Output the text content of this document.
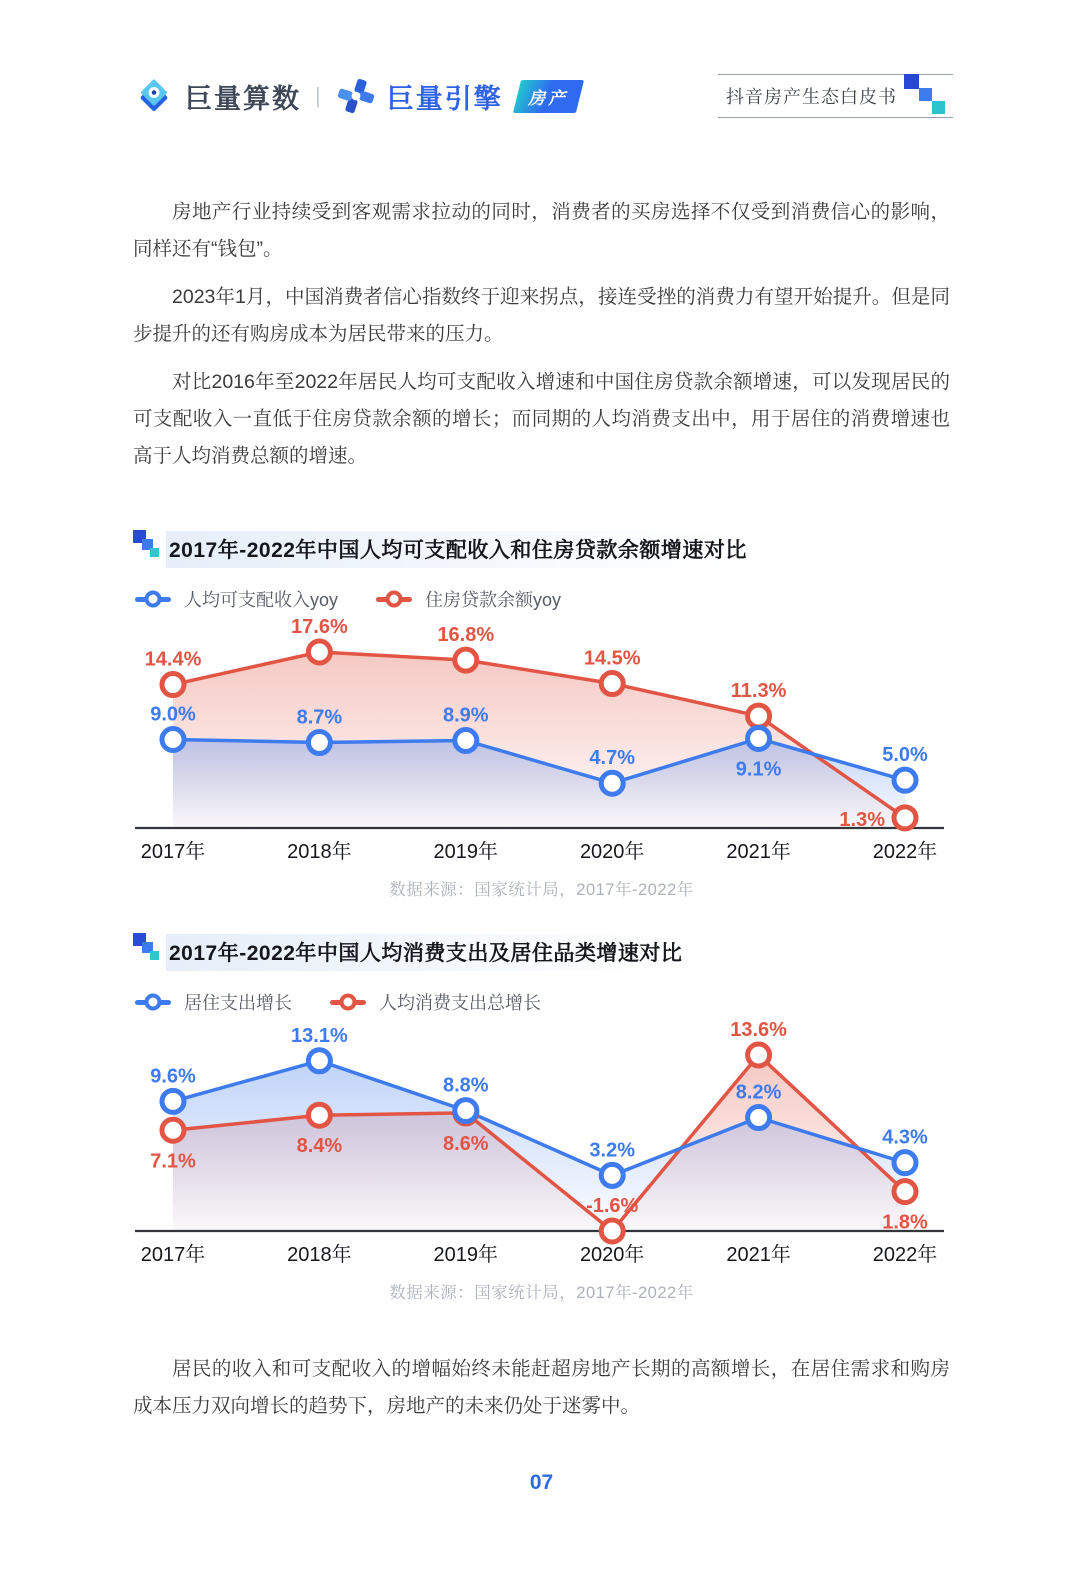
巨量算数 | 巨量引擎	房产	抖音房产生态白皮书

房地产行业持续受到客观需求拉动的同时，消费者的买房选择不仅受到消费信心的影响，同样还有“钱包”。

2023年1月，中国消费者信心指数终于迎来拐点，接连受挫的消费力有望开始提升。但是同步提升的还有购房成本为居民带来的压力。

对比2016年至2022年居民人均可支配收入增速和中国住房贷款余额增速，可以发现居民的可支配收入一直低于住房贷款余额的增长；而同期的人均消费支出中，用于居住的消费增速也高于人均消费总额的增速。

2017年-2022年中国人均可支配收入和住房贷款余额增速对比
人均可支配收入yoy	住房贷款余额yoy
14.4%
17.6%	16.8%
14.5%
11.3%
1.3%
9.0%	8.7%	8.9%
4.7%
9.1%
5.0%
2017年	2018年	2019年	2020年	2021年	2022年
数据来源：国家统计局，2017年-2022年
2017年-2022年中国人均消费支出及居住品类增速对比
居住支出增长	人均消费支出总增长
7.1%
8.4%	8.6%
-1.6%
13.6%
1.8%
9.6%
13.1%
8.8%
3.2%
8.2%
4.3%
2017年	2018年	2019年	2020年	2021年	2022年
数据来源：国家统计局，2017年-2022年

居民的收入和可支配收入的增幅始终未能赶超房地产长期的高额增长，在居住需求和购房成本压力双向增长的趋势下，房地产的未来仍处于迷雾中。

07
